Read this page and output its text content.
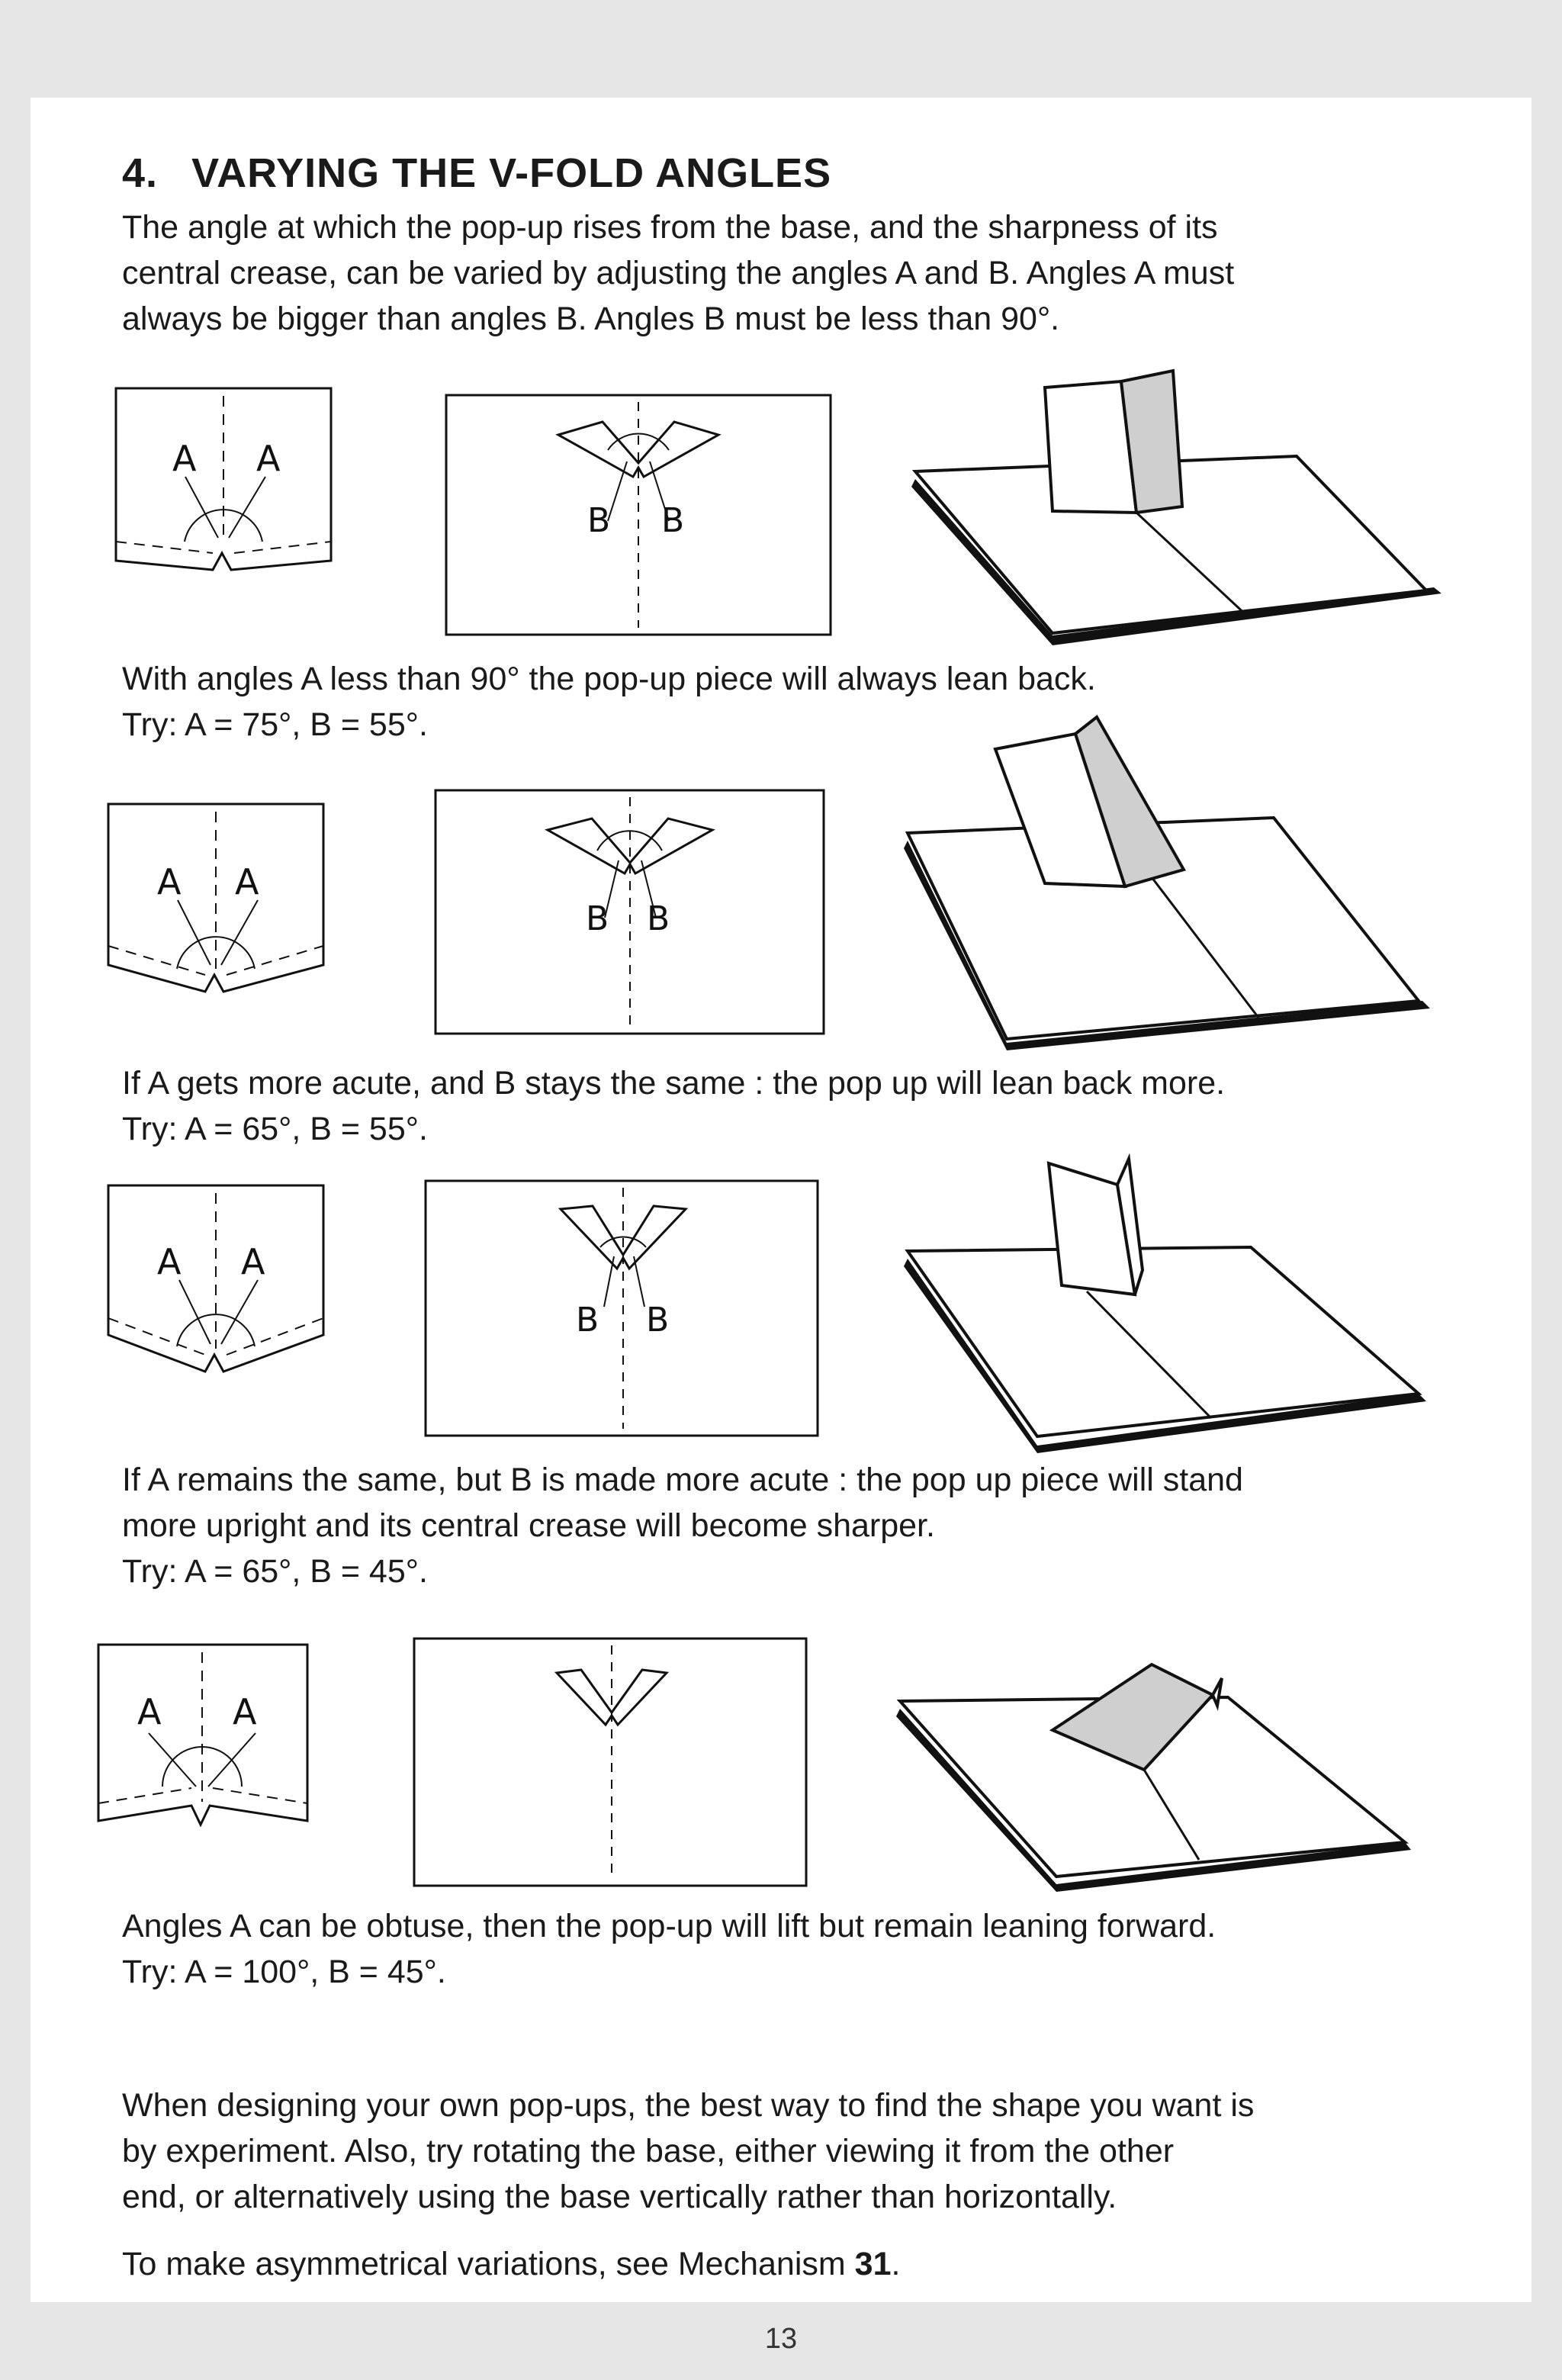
4. VARYING THE V-FOLD ANGLES

The angle at which the pop-up rises from the base, and the sharpness of its
central crease, can be varied by adjusting the angles A and B. Angles A must
always be bigger than angles B. Angles B must be less than 90°.

A A
B B

With angles A less than 90° the pop-up piece will always lean back.
Try: A = 75°, B = 55°.

A A
B B

If A gets more acute, and B stays the same : the pop up will lean back more.
Try: A = 65°, B = 55°.

A A
B B

If A remains the same, but B is made more acute : the pop up piece will stand
more upright and its central crease will become sharper.
Try: A = 65°, B = 45°.

A A

Angles A can be obtuse, then the pop-up will lift but remain leaning forward.
Try: A = 100°, B = 45°.

When designing your own pop-ups, the best way to find the shape you want is
by experiment. Also, try rotating the base, either viewing it from the other
end, or alternatively using the base vertically rather than horizontally.

To make asymmetrical variations, see Mechanism 31.

13
